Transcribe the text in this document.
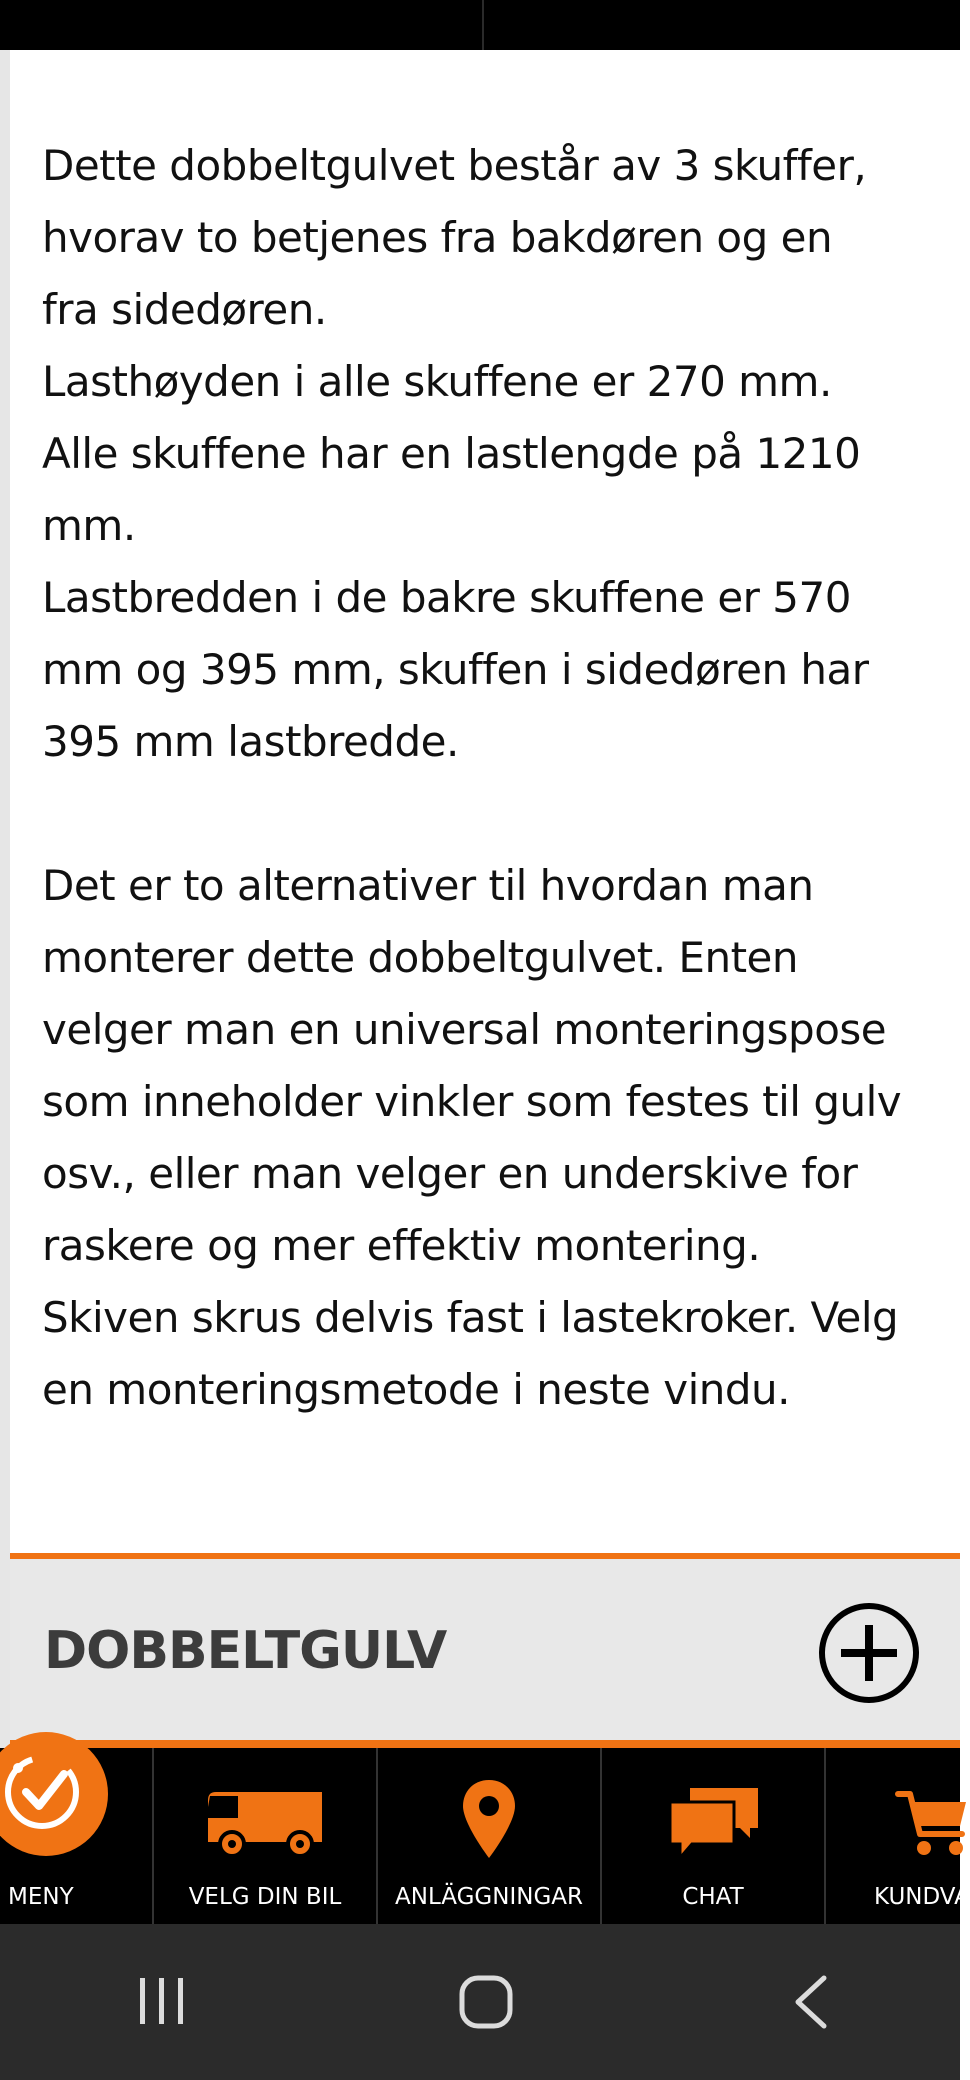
Dette dobbeltgulvet består av 3 skuffer,
hvorav to betjenes fra bakdøren og en
fra sidedøren.
Lasthøyden i alle skuffene er 270 mm.
Alle skuffene har en lastlengde på 1210
mm.
Lastbredden i de bakre skuffene er 570
mm og 395 mm, skuffen i sidedøren har
395 mm lastbredde.

Det er to alternativer til hvordan man
monterer dette dobbeltgulvet. Enten
velger man en universal monteringspose
som inneholder vinkler som festes til gulv
osv., eller man velger en underskive for
raskere og mer effektiv montering.
Skiven skrus delvis fast i lastekroker. Velg
en monteringsmetode i neste vindu.

DOBBELTGULV
MENY	VELG DIN BIL	ANLÄGGNINGAR	CHAT	KUNDVA
